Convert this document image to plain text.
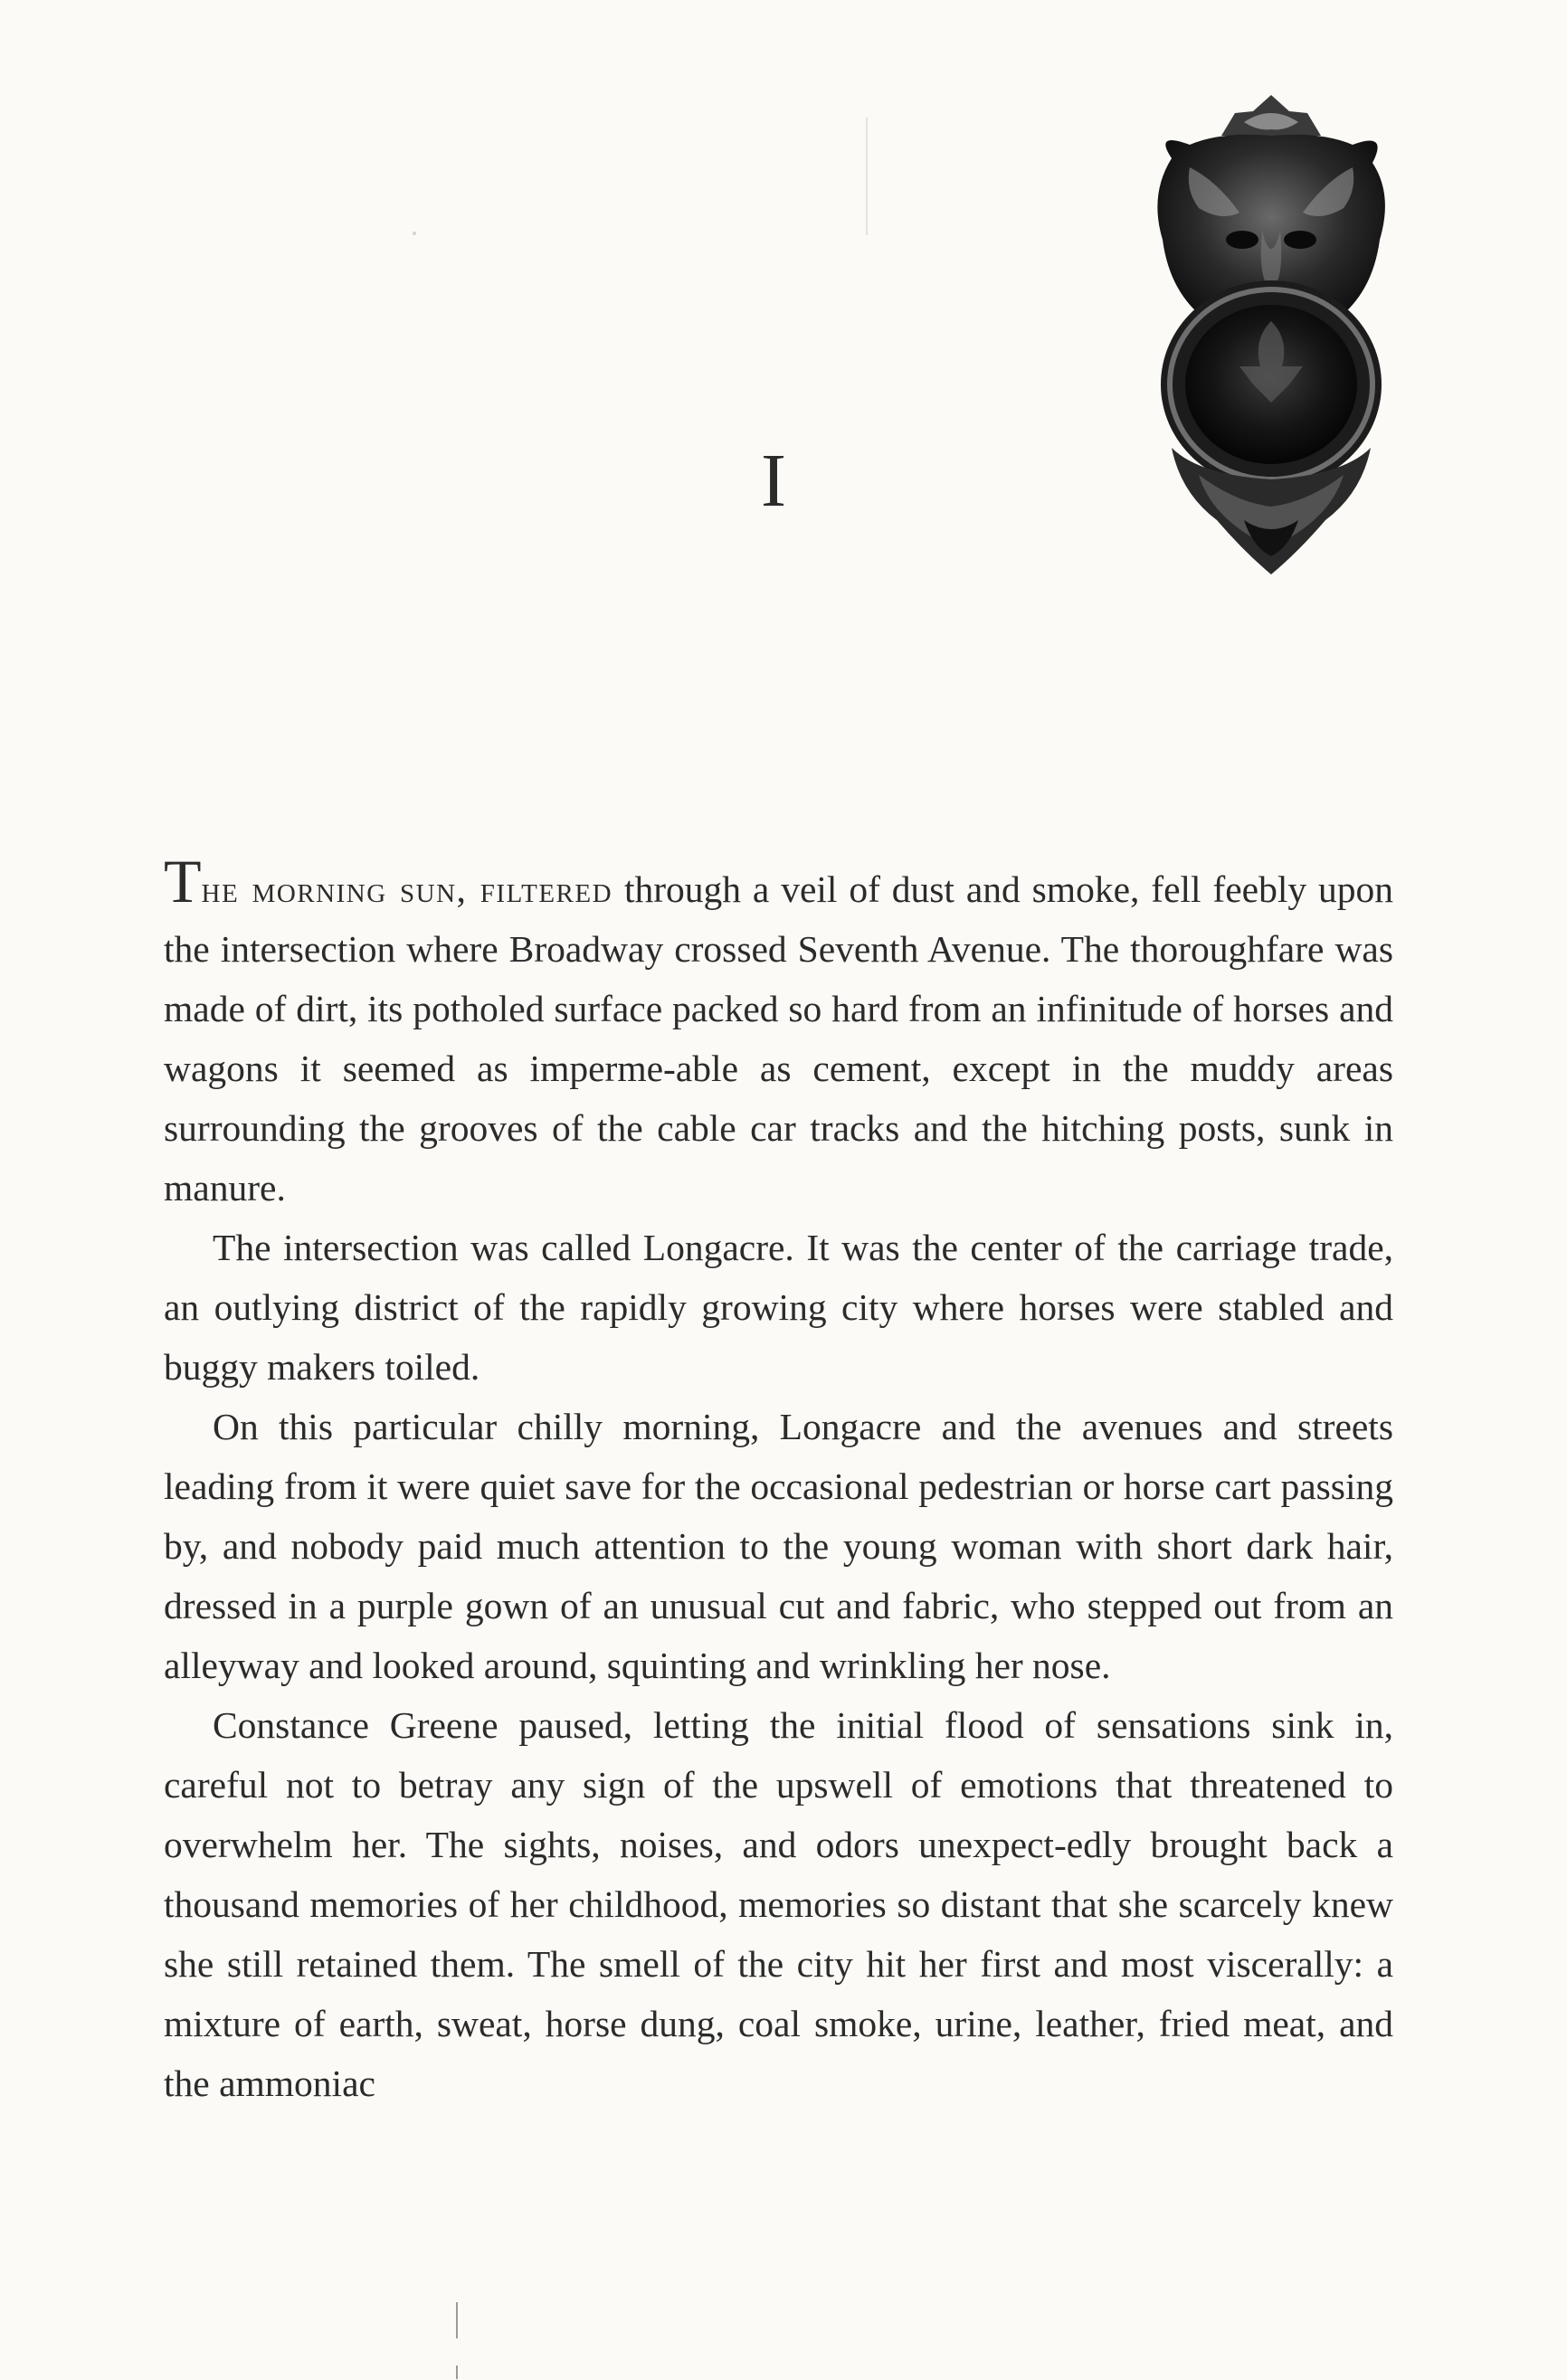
I

The morning sun, filtered through a veil of dust and smoke, fell feebly upon the intersection where Broadway crossed Seventh Avenue. The thoroughfare was made of dirt, its potholed surface packed so hard from an infinitude of horses and wagons it seemed as imperme-able as cement, except in the muddy areas surrounding the grooves of the cable car tracks and the hitching posts, sunk in manure.

The intersection was called Longacre. It was the center of the carriage trade, an outlying district of the rapidly growing city where horses were stabled and buggy makers toiled.

On this particular chilly morning, Longacre and the avenues and streets leading from it were quiet save for the occasional pedestrian or horse cart passing by, and nobody paid much attention to the young woman with short dark hair, dressed in a purple gown of an unusual cut and fabric, who stepped out from an alleyway and looked around, squinting and wrinkling her nose.

Constance Greene paused, letting the initial flood of sensations sink in, careful not to betray any sign of the upswell of emotions that threatened to overwhelm her. The sights, noises, and odors unexpect-edly brought back a thousand memories of her childhood, memories so distant that she scarcely knew she still retained them. The smell of the city hit her first and most viscerally: a mixture of earth, sweat, horse dung, coal smoke, urine, leather, fried meat, and the ammoniac
